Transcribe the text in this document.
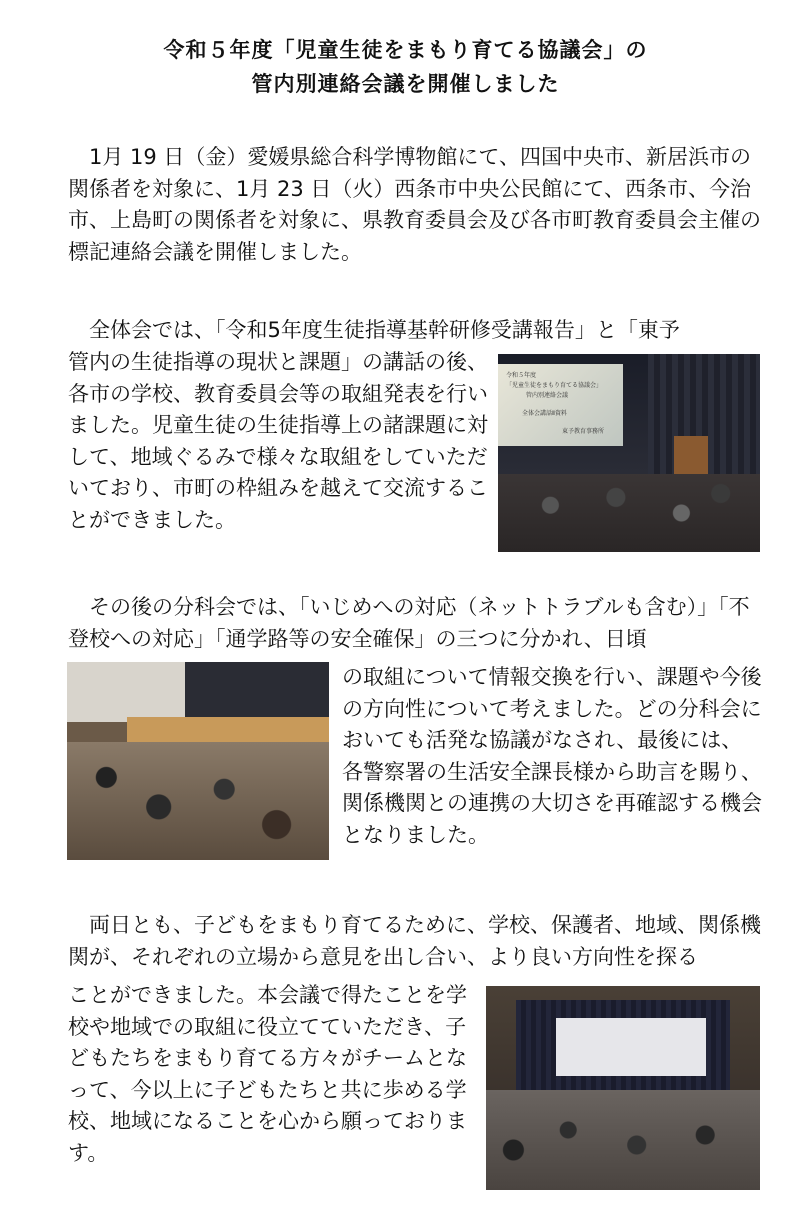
令和５年度「児童生徒をまもり育てる協議会」の
管内別連絡会議を開催しました

1月 19 日（金）愛媛県総合科学博物館にて、四国中央市、新居浜市の関係者を対象に、1月 23 日（火）西条市中央公民館にて、西条市、今治市、上島町の関係者を対象に、県教育委員会及び各市町教育委員会主催の標記連絡会議を開催しました。

全体会では、「令和5年度生徒指導基幹研修受講報告」と「東予

管内の生徒指導の現状と課題」の講話の後、各市の学校、教育委員会等の取組発表を行いました。児童生徒の生徒指導上の諸課題に対して、地域ぐるみで様々な取組をしていただいており、市町の枠組みを越えて交流することができました。

令和５年度
「児童生徒をまもり育てる協議会」
管内別連絡会議
全体会講話Ⅱ資料
東予教育事務所

その後の分科会では、「いじめへの対応（ネットトラブルも含む）」「不登校への対応」「通学路等の安全確保」の三つに分かれ、日頃

の取組について情報交換を行い、課題や今後の方向性について考えました。どの分科会においても活発な協議がなされ、最後には、各警察署の生活安全課長様から助言を賜り、関係機関との連携の大切さを再確認する機会となりました。

両日とも、子どもをまもり育てるために、学校、保護者、地域、関係機関が、それぞれの立場から意見を出し合い、より良い方向性を探る

ことができました。本会議で得たことを学校や地域での取組に役立てていただき、子どもたちをまもり育てる方々がチームとなって、今以上に子どもたちと共に歩める学校、地域になることを心から願っております。
